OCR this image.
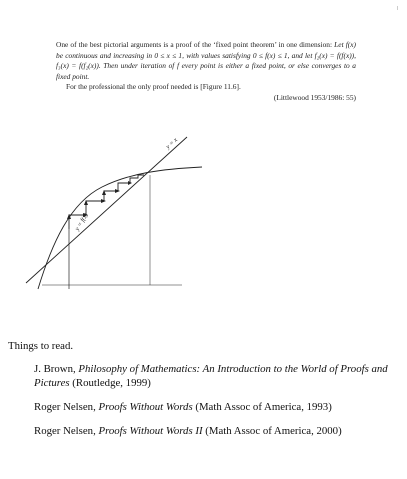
One of the best pictorial arguments is a proof of the ‘fixed point theorem’ in one dimension: Let f(x) be continuous and increasing in 0 ≤ x ≤ 1, with values satisfying 0 ≤ f(x) ≤ 1, and let f₂(x) = f(f(x)), f₃(x) = f(f₂(x)). Then under iteration of f every point is either a fixed point, or else converges to a fixed point.

For the professional the only proof needed is [Figure 11.6].

(Littlewood 1953/1986: 55)

y = x
y = f(x)
Things to read.

J. Brown, Philosophy of Mathematics: An Introduction to the World of Proofs and Pictures (Routledge, 1999)

Roger Nelsen, Proofs Without Words (Math Assoc of America, 1993)

Roger Nelsen, Proofs Without Words II (Math Assoc of America, 2000)
